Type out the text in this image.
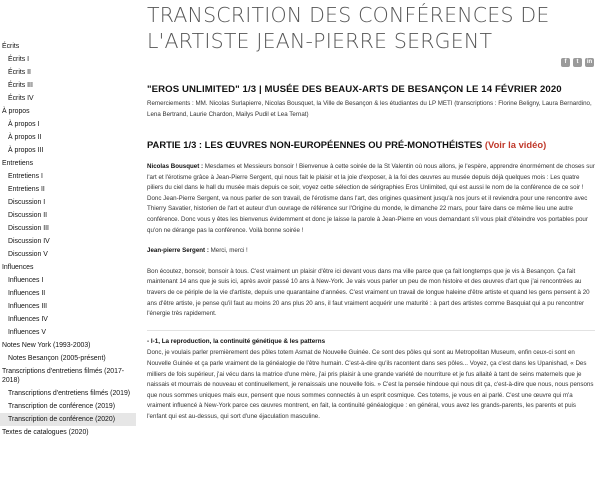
TRANSCRITION DES CONFÉRENCES DE L'ARTISTE JEAN-PIERRE SERGENT
f	t	in
Écrits
Écrits I
Écrits II
Écrits III
Écrits IV
À propos
À propos I
À propos II
À propos III
Entretiens
Entretiens I
Entretiens II
Discussion I
Discussion II
Discussion III
Discussion IV
Discussion V
Influences
Influences I
Influences II
Influences III
Influences IV
Influences V
Notes New York (1993-2003)
Notes Besançon (2005-présent)
Transcriptions d'entretiens filmés (2017-2018)
Transcriptions d'entretiens filmés (2019)
Transcription de conférence (2019)
Transcription de conférence (2020)
Textes de catalogues (2020)
"EROS UNLIMITED" 1/3 | MUSÉE DES BEAUX-ARTS DE BESANÇON LE 14 FÉVRIER 2020

Remerciements : MM. Nicolas Surlapierre, Nicolas Bousquet, la Ville de Besançon & les étudiantes du LP METI (transcriptions : Florine Beligny, Laura Bernardino, Lena Bertrand, Laurie Chardon, Mailys Pudil et Lea Ternat)

PARTIE 1/3 : LES ŒUVRES NON-EUROPÉENNES OU PRÉ-MONOTHÉISTES (Voir la vidéo)

Nicolas Bousquet : Mesdames et Messieurs bonsoir ! Bienvenue à cette soirée de la St Valentin où nous allons, je l'espère, apprendre énormément de choses sur l'art et l'érotisme grâce à Jean-Pierre Sergent, qui nous fait le plaisir et la joie d'exposer, à la foi des œuvres au musée depuis déjà quelques mois : Les quatre piliers du ciel dans le hall du musée mais depuis ce soir, voyez cette sélection de sérigraphies Eros Unlimited, qui est aussi le nom de la conférence de ce soir ! Donc Jean-Pierre Sergent, va nous parler de son travail, de l'érotisme dans l'art, des origines quasiment jusqu'à nos jours et il reviendra pour une rencontre avec Thierry Savatier, historien de l'art et auteur d'un ouvrage de référence sur l'Origine du monde, le dimanche 22 mars, pour faire dans ce même lieu une autre conférence. Donc vous y êtes les bienvenus évidemment et donc je laisse la parole à Jean-Pierre en vous demandant s'il vous plait d'éteindre vos portables pour qu'on ne dérange pas la conférence. Voilà bonne soirée !

Jean-pierre Sergent : Merci, merci !

Bon écoutez, bonsoir, bonsoir à tous. C'est vraiment un plaisir d'être ici devant vous dans ma ville parce que ça fait longtemps que je vis à Besançon. Ça fait maintenant 14 ans que je suis ici, après avoir passé 10 ans à New-York. Je vais vous parler un peu de mon histoire et des œuvres d'art que j'ai rencontrées au travers de ce périple de la vie d'artiste, depuis une quarantaine d'années. C'est vraiment un travail de longue haleine d'être artiste et quand les gens pensent à 20 ans d'être artiste, je pense qu'il faut au moins 20 ans plus 20 ans, il faut vraiment acquérir une maturité : à part des artistes comme Basquiat qui a pu rencontrer l'énergie très rapidement.

- I-1, La reproduction, la continuité génétique & les patterns

Donc, je voulais parler premièrement des pôles totem Asmat de Nouvelle Guinée. Ce sont des pôles qui sont au Metropolitan Museum, enfin ceux-ci sont en Nouvelle Guinée et ça parle vraiment de la généalogie de l'être humain. C'est-à-dire qu'ils racontent dans ses pôles... Voyez, ça c'est dans les Upanishad, « Des milliers de fois supérieur, j'ai vécu dans la matrice d'une mère, j'ai pris plaisir à une grande variété de nourriture et je fus allaité à tant de seins maternels que je naissais et mourrais de nouveau et continuellement, je renaissais une nouvelle fois. » C'est la pensée hindoue qui nous dit ça, c'est-à-dire que nous, nous pensons que nous sommes uniques mais eux, pensent que nous sommes connectés à un esprit cosmique. Ces totems, je vous en ai parlé. C'est une œuvre qui m'a vraiment influencé à New-York parce ces œuvres montrent, en fait, la continuité généalogique : en général, vous avez les grands-parents, les parents et puis l'enfant qui est au-dessus, qui sort d'une éjaculation masculine.
